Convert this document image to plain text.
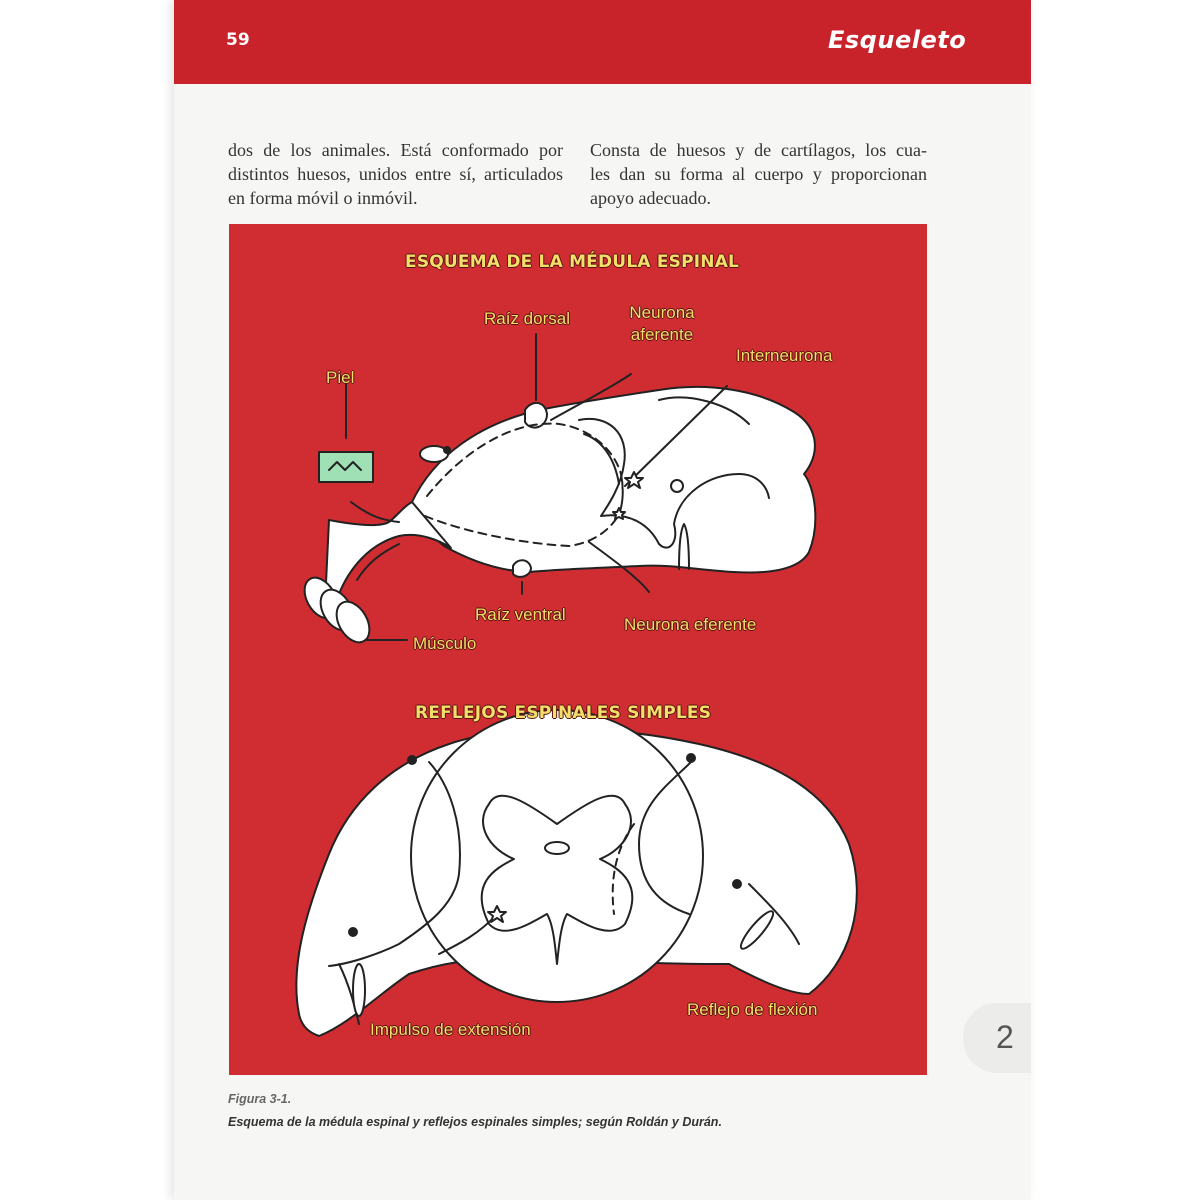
59	Esqueleto
dos de los animales. Está conformado por
distintos huesos, unidos entre sí, articulados
en forma móvil o inmóvil.
Consta de huesos y de cartílagos, los cua-
les dan su forma al cuerpo y proporcionan
apoyo adecuado.
ESQUEMA DE LA MÉDULA ESPINAL
Raíz dorsal	Neurona
aferente
Interneurona
Piel
Raíz ventral
Neurona eferente
Músculo
REFLEJOS ESPINALES SIMPLES
Impulso de extensión
Reflejo de flexión
Figura 3-1.
Esquema de la médula espinal y reflejos espinales simples; según Roldán y Durán.
2
